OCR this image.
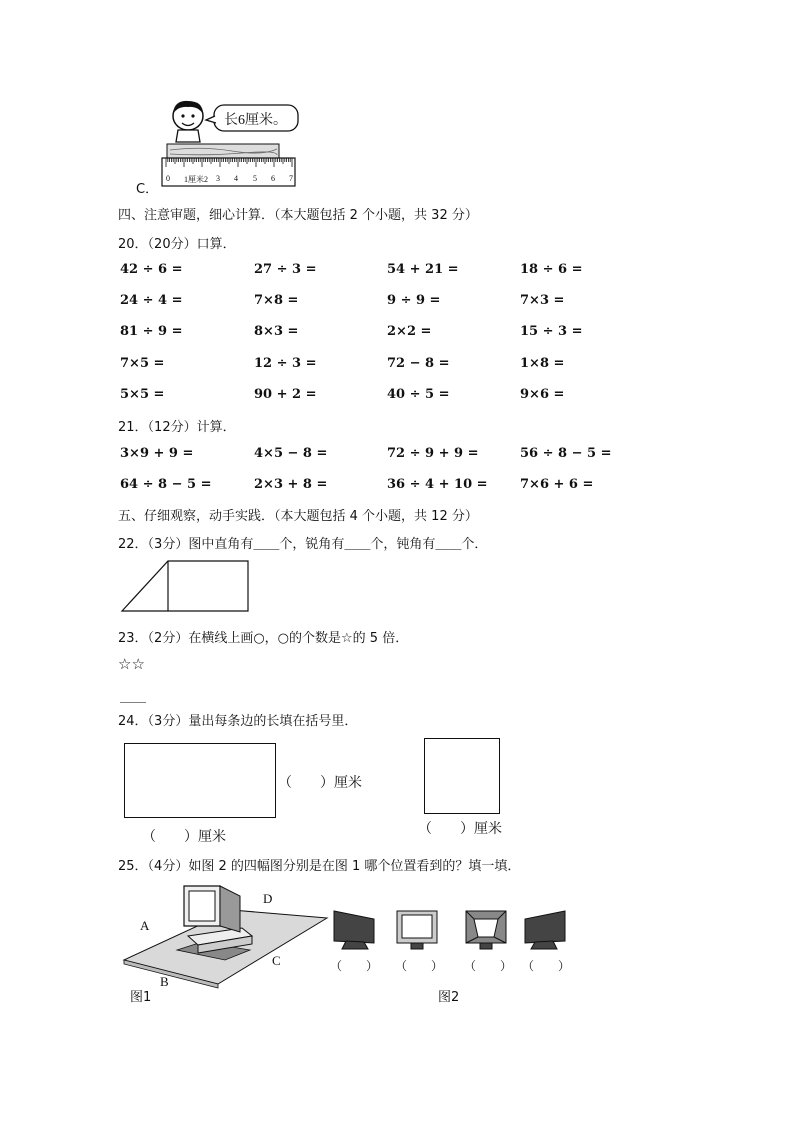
C．
长6厘米。
0 1厘米2 3 4 5 6 7
四、注意审题，细心计算．（本大题包括 2 个小题，共 32 分）
20．（20分）口算．
42 ÷ 6 =	27 ÷ 3 =	54 + 21 =	18 ÷ 6 =
24 ÷ 4 =	7×8 =	9 ÷ 9 =	7×3 =
81 ÷ 9 =	8×3 =	2×2 =	15 ÷ 3 =
7×5 =	12 ÷ 3 =	72 − 8 =	1×8 =
5×5 =	90 + 2 =	40 ÷ 5 =	9×6 =
21．（12分）计算．
3×9 + 9 =	4×5 − 8 =	72 ÷ 9 + 9 =	56 ÷ 8 − 5 =
64 ÷ 8 − 5 =	2×3 + 8 =	36 ÷ 4 + 10 = 7×6 + 6 =
五、仔细观察，动手实践．（本大题包括 4 个小题，共 12 分）
22．（3分）图中直角有＿＿个，锐角有＿＿个，钝角有＿＿个．
23．（2分）在横线上画○，○的个数是☆的 5 倍．
☆☆
＿＿
24．（3分）量出每条边的长填在括号里．
（　　）厘米
（　　）厘米	（　　）厘米
25．（4分）如图 2 的四幅图分别是在图 1 哪个位置看到的？填一填．
A
B
C
D
图1
（　　） （　　） （　　） （　　）
图2
